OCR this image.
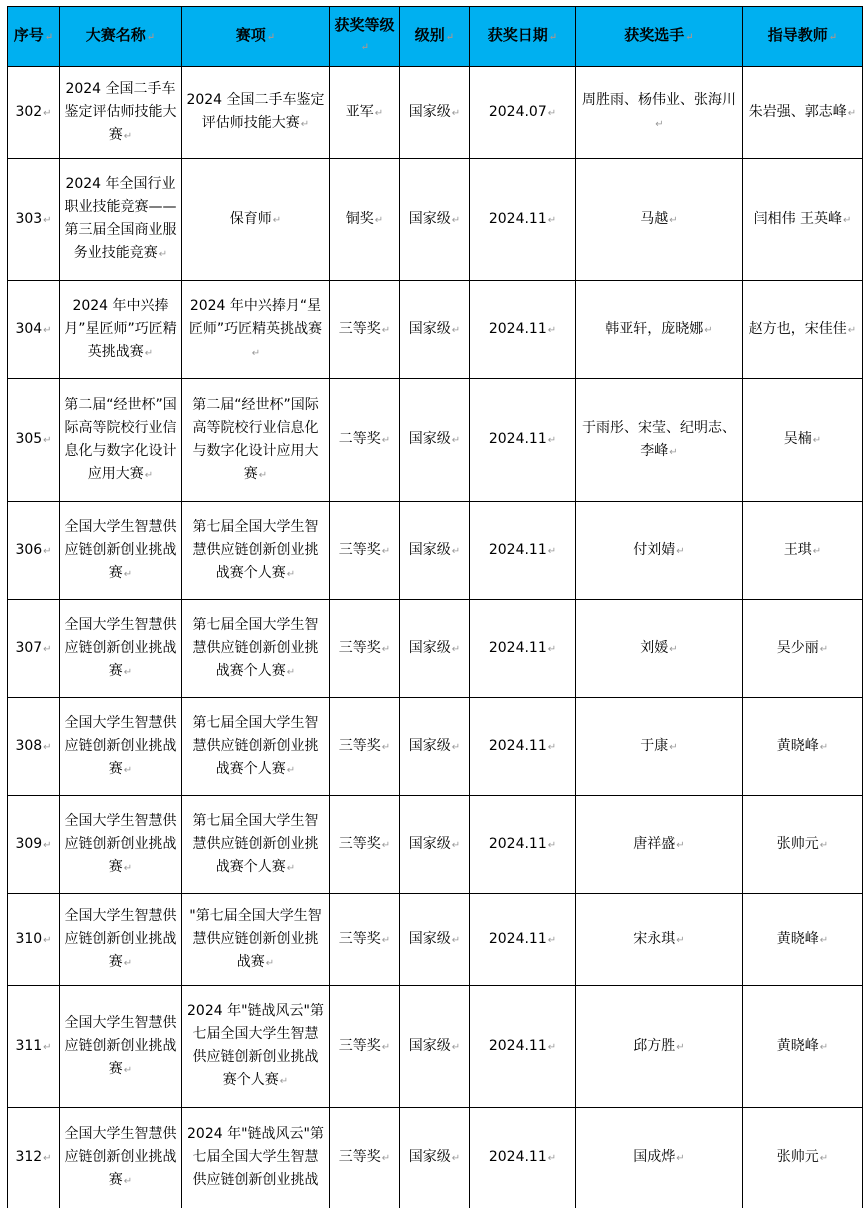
序号↵	大赛名称↵	赛项↵	获奖等级↵	级别↵	获奖日期↵	获奖选手↵	指导教师↵
302↵	2024 全国二手车鉴定评估师技能大赛↵	2024 全国二手车鉴定评估师技能大赛↵	亚军↵	国家级↵	2024.07↵	周胜雨、杨伟业、张海川↵	朱岩强、郭志峰↵
303↵	2024 年全国行业职业技能竞赛——第三届全国商业服务业技能竞赛↵	保育师↵	铜奖↵	国家级↵	2024.11↵	马越↵	闫相伟 王英峰↵
304↵	2024 年中兴捧月”星匠师”巧匠精英挑战赛↵	2024 年中兴捧月“星匠师”巧匠精英挑战赛↵	三等奖↵	国家级↵	2024.11↵	韩亚轩，庞晓娜↵	赵方也，宋佳佳↵
305↵	第二届“经世杯”国际高等院校行业信息化与数字化设计应用大赛↵	第二届“经世杯”国际高等院校行业信息化与数字化设计应用大赛↵	二等奖↵	国家级↵	2024.11↵	于雨彤、宋莹、纪明志、李峰↵	吴楠↵
306↵	全国大学生智慧供应链创新创业挑战赛↵	第七届全国大学生智慧供应链创新创业挑战赛个人赛↵	三等奖↵	国家级↵	2024.11↵	付刘婧↵	王琪↵
307↵	全国大学生智慧供应链创新创业挑战赛↵	第七届全国大学生智慧供应链创新创业挑战赛个人赛↵	三等奖↵	国家级↵	2024.11↵	刘媛↵	吴少丽↵
308↵	全国大学生智慧供应链创新创业挑战赛↵	第七届全国大学生智慧供应链创新创业挑战赛个人赛↵	三等奖↵	国家级↵	2024.11↵	于康↵	黄晓峰↵
309↵	全国大学生智慧供应链创新创业挑战赛↵	第七届全国大学生智慧供应链创新创业挑战赛个人赛↵	三等奖↵	国家级↵	2024.11↵	唐祥盛↵	张帅元↵
310↵	全国大学生智慧供应链创新创业挑战赛↵	"第七届全国大学生智慧供应链创新创业挑战赛↵	三等奖↵	国家级↵	2024.11↵	宋永琪↵	黄晓峰↵
311↵	全国大学生智慧供应链创新创业挑战赛↵	2024 年"链战风云"第七届全国大学生智慧供应链创新创业挑战赛个人赛↵	三等奖↵	国家级↵	2024.11↵	邱方胜↵	黄晓峰↵
312↵	全国大学生智慧供应链创新创业挑战赛↵	2024 年"链战风云"第七届全国大学生智慧供应链创新创业挑战	三等奖↵	国家级↵	2024.11↵	国成烨↵	张帅元↵
